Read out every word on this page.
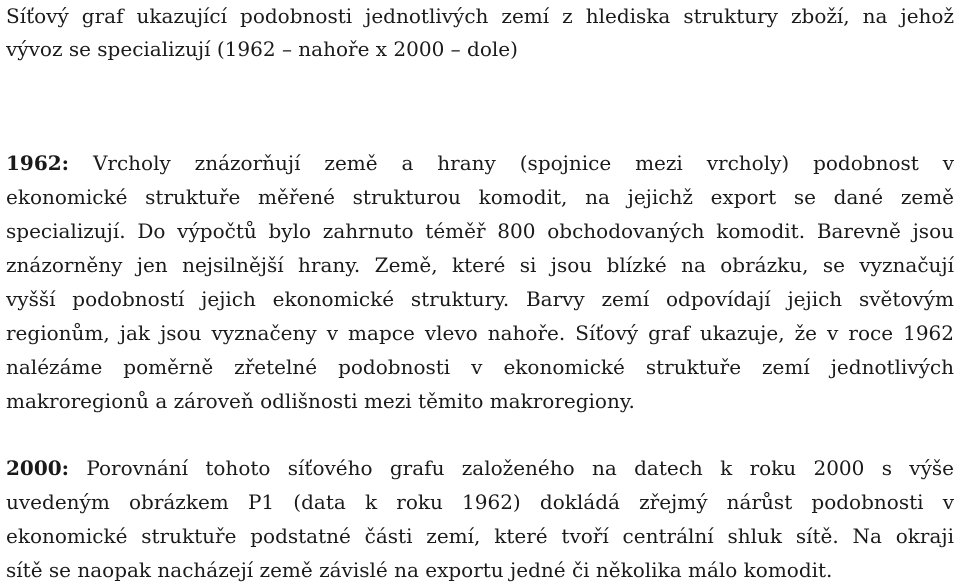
Síťový graf ukazující podobnosti jednotlivých zemí z hlediska struktury zboží, na jehož
vývoz se specializují (1962 – nahoře x 2000 – dole)
1962: Vrcholy znázorňují země a hrany (spojnice mezi vrcholy) podobnost v
ekonomické struktuře měřené strukturou komodit, na jejichž export se dané země
specializují. Do výpočtů bylo zahrnuto téměř 800 obchodovaných komodit. Barevně jsou
znázorněny jen nejsilnější hrany. Země, které si jsou blízké na obrázku, se vyznačují
vyšší podobností jejich ekonomické struktury. Barvy zemí odpovídají jejich světovým
regionům, jak jsou vyznačeny v mapce vlevo nahoře. Síťový graf ukazuje, že v roce 1962
nalézáme poměrně zřetelné podobnosti v ekonomické struktuře zemí jednotlivých
makroregionů a zároveň odlišnosti mezi těmito makroregiony.
2000: Porovnání tohoto síťového grafu založeného na datech k roku 2000 s výše
uvedeným obrázkem P1 (data k roku 1962) dokládá zřejmý nárůst podobnosti v
ekonomické struktuře podstatné části zemí, které tvoří centrální shluk sítě. Na okraji
sítě se naopak nacházejí země závislé na exportu jedné či několika málo komodit.
